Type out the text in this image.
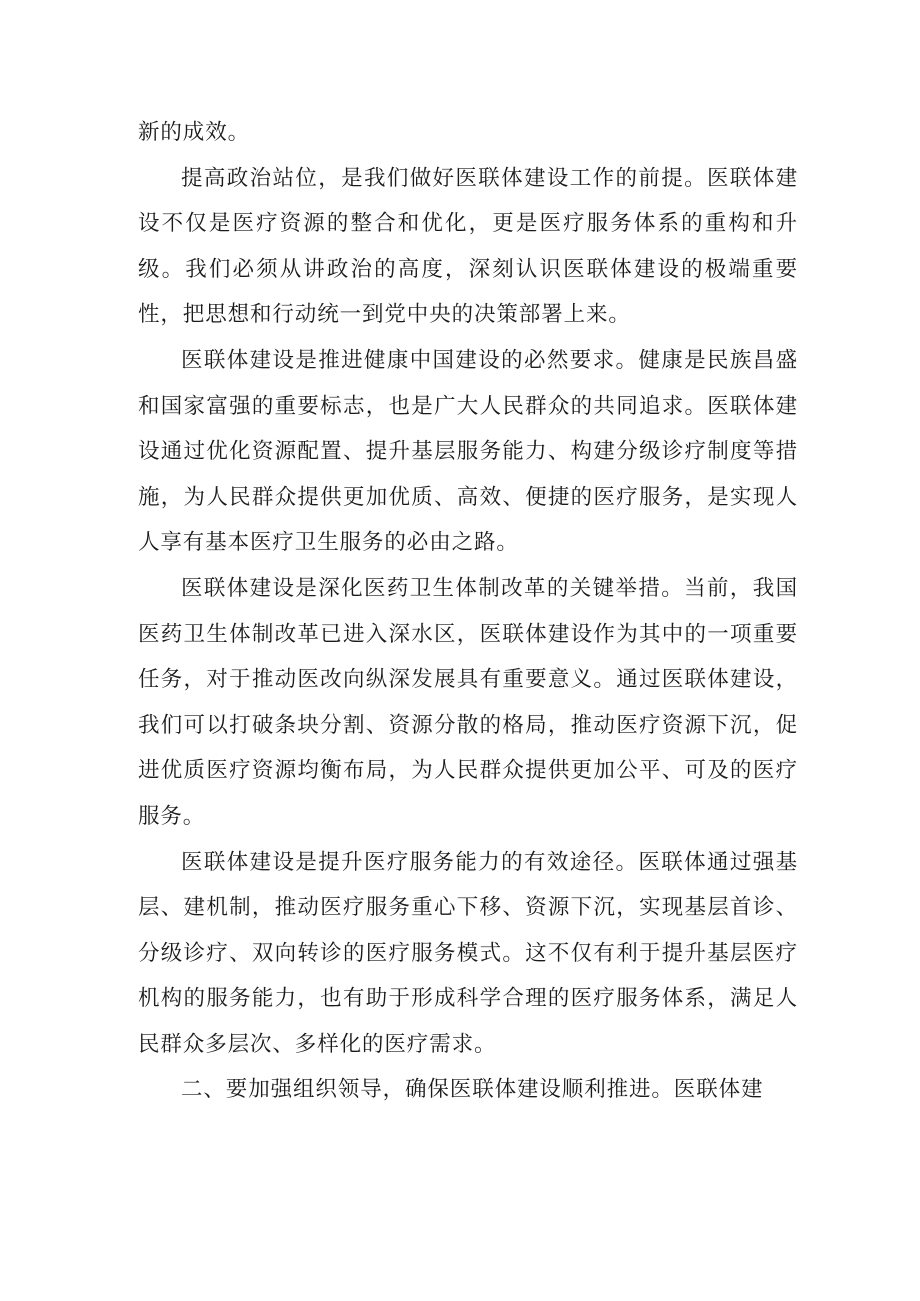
新的成效。

提高政治站位，是我们做好医联体建设工作的前提。医联体建设不仅是医疗资源的整合和优化，更是医疗服务体系的重构和升级。我们必须从讲政治的高度，深刻认识医联体建设的极端重要性，把思想和行动统一到党中央的决策部署上来。

医联体建设是推进健康中国建设的必然要求。健康是民族昌盛和国家富强的重要标志，也是广大人民群众的共同追求。医联体建设通过优化资源配置、提升基层服务能力、构建分级诊疗制度等措施，为人民群众提供更加优质、高效、便捷的医疗服务，是实现人人享有基本医疗卫生服务的必由之路。

医联体建设是深化医药卫生体制改革的关键举措。当前，我国医药卫生体制改革已进入深水区，医联体建设作为其中的一项重要任务，对于推动医改向纵深发展具有重要意义。通过医联体建设，我们可以打破条块分割、资源分散的格局，推动医疗资源下沉，促进优质医疗资源均衡布局，为人民群众提供更加公平、可及的医疗服务。

医联体建设是提升医疗服务能力的有效途径。医联体通过强基层、建机制，推动医疗服务重心下移、资源下沉，实现基层首诊、分级诊疗、双向转诊的医疗服务模式。这不仅有利于提升基层医疗机构的服务能力，也有助于形成科学合理的医疗服务体系，满足人民群众多层次、多样化的医疗需求。

二、要加强组织领导，确保医联体建设顺利推进。医联体建
